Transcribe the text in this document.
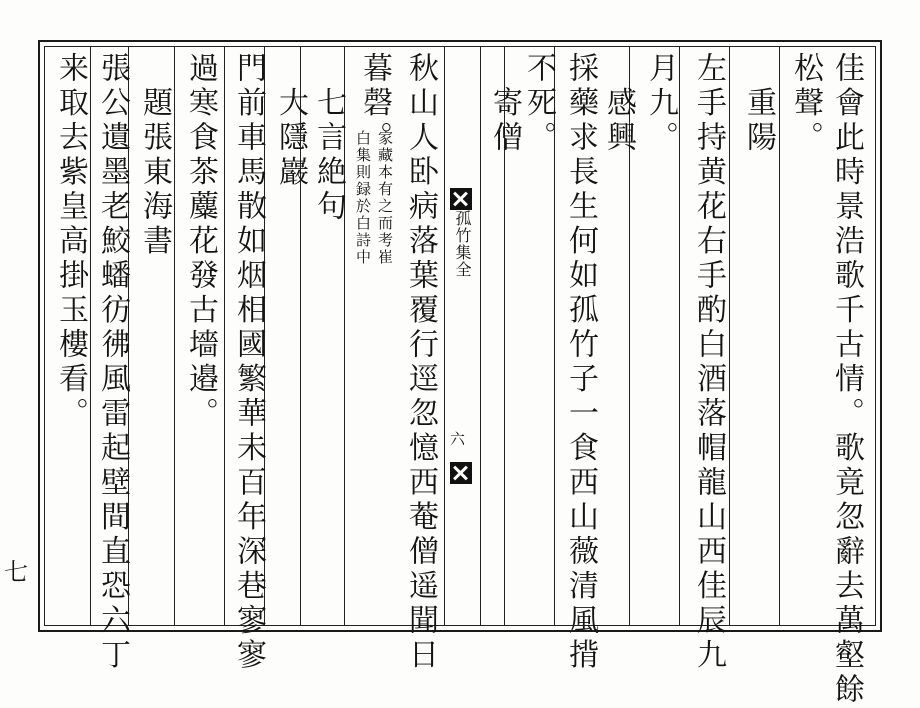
佳會此時景浩歌千古情。歌竟忽辭去萬壑餘
松聲。
　重陽
左手持黄花右手酌白酒落帽龍山西佳辰九
月九。
　感興
採藥求長生何如孤竹子一食西山薇清風揹
不死。
　寄僧
秋山人卧病落葉覆行逕忽憶西菴僧遥聞日
暮磬。
家藏本有之而考崔
白集則録於白詩中
　七言絶句
　大隱巖
門前車馬散如烟相國繁華未百年深巷寥寥
過寒食茶蘪花發古墻邉。
　題張東海書
張公遺墨老鮫蟠彷彿風雷起壁間直恐六丁
来取去紫皇高掛玉樓看。	孤竹集全
六
七
